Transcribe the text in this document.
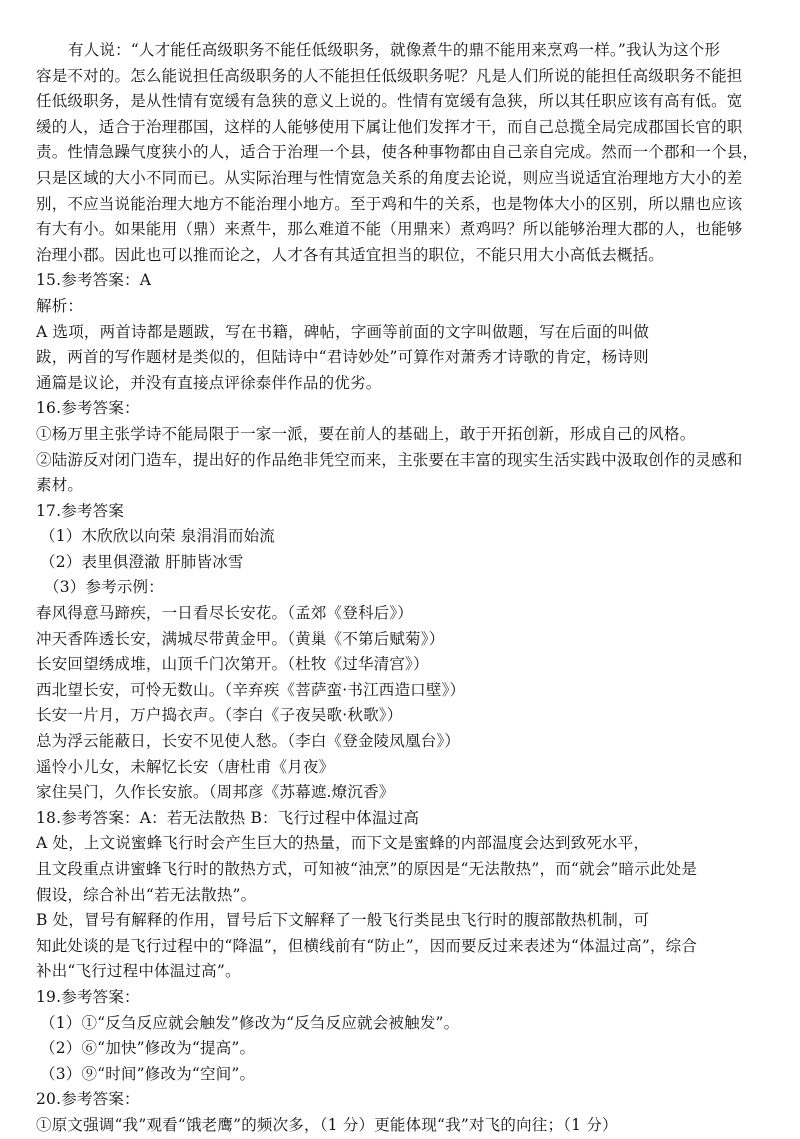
有人说：“人才能任高级职务不能任低级职务，就像煮牛的鼎不能用来烹鸡一样。”我认为这个形
容是不对的。怎么能说担任高级职务的人不能担任低级职务呢？凡是人们所说的能担任高级职务不能担
任低级职务，是从性情有宽缓有急狭的意义上说的。性情有宽缓有急狭，所以其任职应该有高有低。宽
缓的人，适合于治理郡国，这样的人能够使用下属让他们发挥才干，而自己总揽全局完成郡国长官的职
责。性情急躁气度狭小的人，适合于治理一个县，使各种事物都由自己亲自完成。然而一个郡和一个县，
只是区域的大小不同而已。从实际治理与性情宽急关系的角度去论说，则应当说适宜治理地方大小的差
别，不应当说能治理大地方不能治理小地方。至于鸡和牛的关系，也是物体大小的区别，所以鼎也应该
有大有小。如果能用（鼎）来煮牛，那么难道不能（用鼎来）煮鸡吗？所以能够治理大郡的人，也能够
治理小郡。因此也可以推而论之，人才各有其适宜担当的职位，不能只用大小高低去概括。
15.参考答案：A
解析：
A 选项，两首诗都是题跋，写在书籍，碑帖，字画等前面的文字叫做题，写在后面的叫做
跋，两首的写作题材是类似的，但陆诗中“君诗妙处”可算作对萧秀才诗歌的肯定，杨诗则
通篇是议论，并没有直接点评徐泰伴作品的优劣。
16.参考答案：
①杨万里主张学诗不能局限于一家一派，要在前人的基础上，敢于开拓创新，形成自己的风格。
②陆游反对闭门造车，提出好的作品绝非凭空而来，主张要在丰富的现实生活实践中汲取创作的灵感和
素材。
17.参考答案
（1）木欣欣以向荣 泉涓涓而始流
（2）表里俱澄澈 肝肺皆冰雪
（3）参考示例：
春风得意马蹄疾，一日看尽长安花。（孟郊《登科后》）
冲天香阵透长安，满城尽带黄金甲。（黄巢《不第后赋菊》）
长安回望绣成堆，山顶千门次第开。（杜牧《过华清宫》）
西北望长安，可怜无数山。（辛弃疾《菩萨蛮·书江西造口壁》）
长安一片月，万户捣衣声。（李白《子夜吴歌·秋歌》）
总为浮云能蔽日，长安不见使人愁。（李白《登金陵凤凰台》）
遥怜小儿女，未解忆长安（唐杜甫《月夜》
家住吴门，久作长安旅。（周邦彦《苏幕遮.燎沉香》
18.参考答案：A：若无法散热 B：飞行过程中体温过高
A 处，上文说蜜蜂飞行时会产生巨大的热量，而下文是蜜蜂的内部温度会达到致死水平，
且文段重点讲蜜蜂飞行时的散热方式，可知被“油烹”的原因是“无法散热”，而“就会”暗示此处是
假设，综合补出“若无法散热”。
B 处，冒号有解释的作用，冒号后下文解释了一般飞行类昆虫飞行时的腹部散热机制，可
知此处谈的是飞行过程中的“降温”，但横线前有“防止”，因而要反过来表述为“体温过高”，综合
补出“飞行过程中体温过高”。
19.参考答案：
（1）①“反刍反应就会触发”修改为“反刍反应就会被触发”。
（2）⑥“加快”修改为“提高”。
（3）⑨“时间”修改为“空间”。
20.参考答案：
①原文强调“我”观看“饿老鹰”的频次多，（1 分）更能体现“我”对飞的向往；（1 分）
